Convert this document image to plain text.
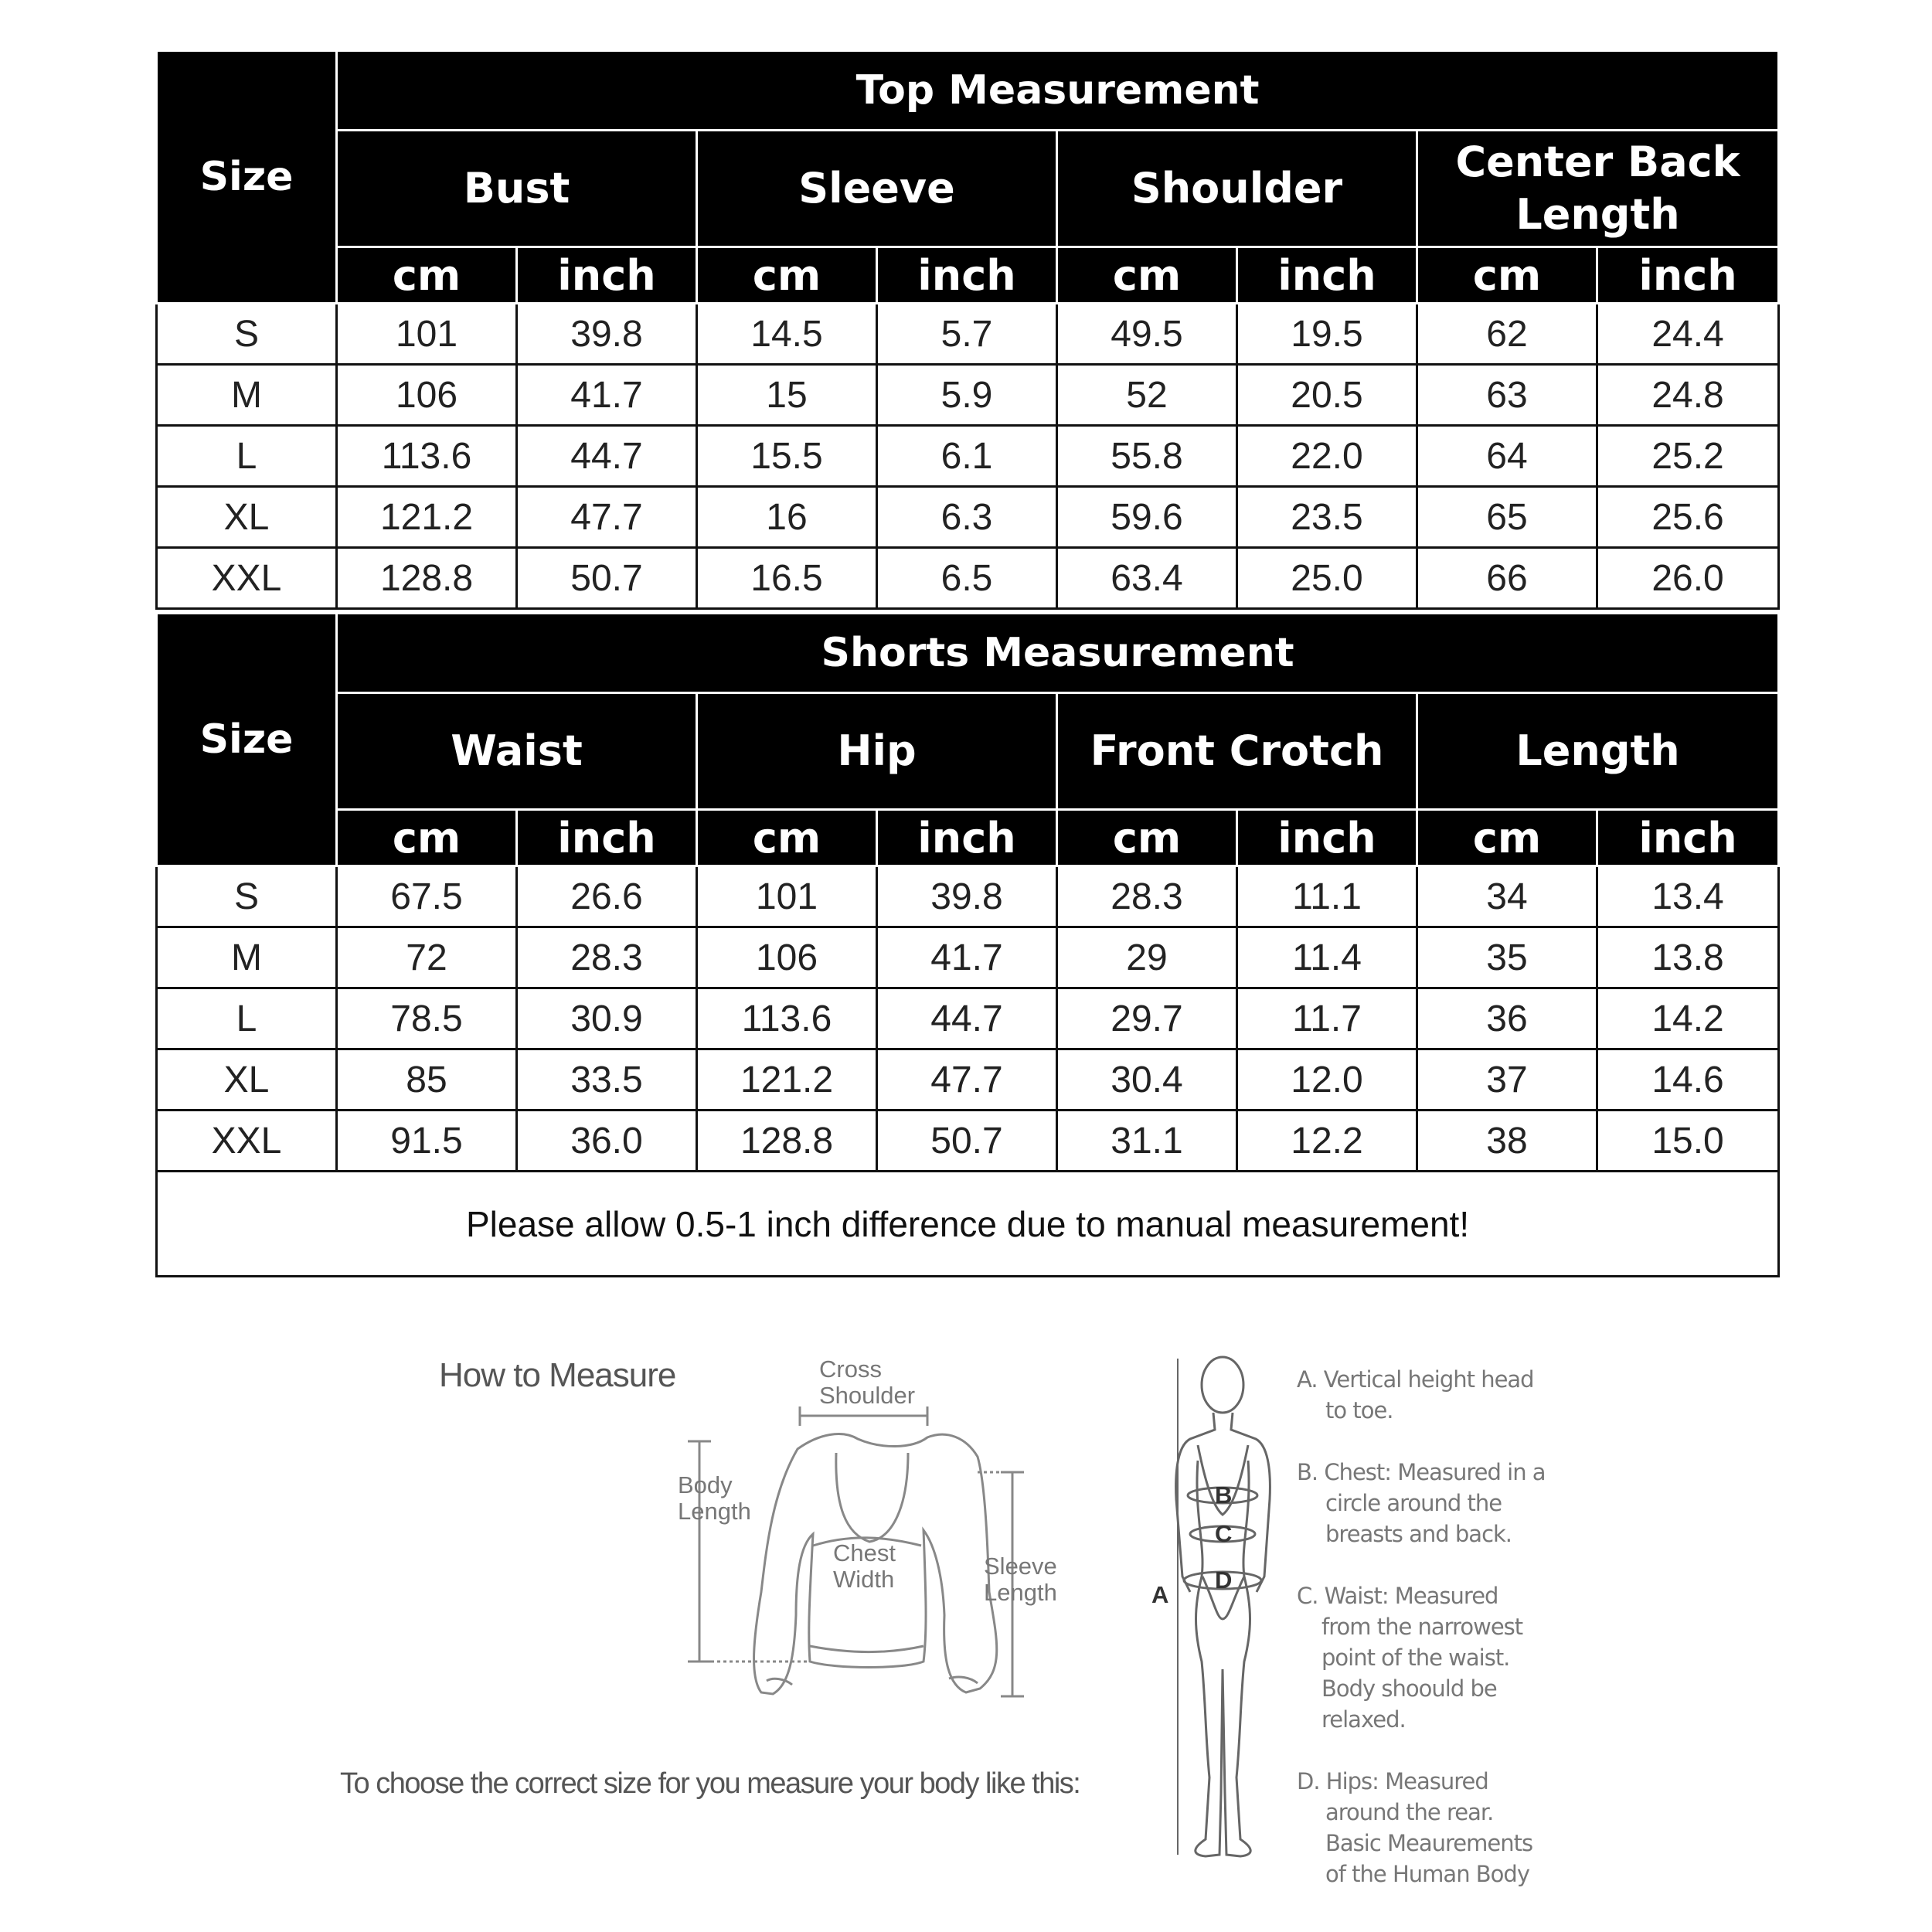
Size	Top Measurement							
	Bust		Sleeve		Shoulder		Center Back Length	
	cm	inch	cm	inch	cm	inch	cm	inch
S	101	39.8	14.5	5.7	49.5	19.5	62	24.4
M	106	41.7	15	5.9	52	20.5	63	24.8
L	113.6	44.7	15.5	6.1	55.8	22.0	64	25.2
XL	121.2	47.7	16	6.3	59.6	23.5	65	25.6
XXL	128.8	50.7	16.5	6.5	63.4	25.0	66	26.0
Size	Shorts Measurement							
	Waist		Hip		Front Crotch		Length	
	cm	inch	cm	inch	cm	inch	cm	inch
S	67.5	26.6	101	39.8	28.3	11.1	34	13.4
M	72	28.3	106	41.7	29	11.4	35	13.8
L	78.5	30.9	113.6	44.7	29.7	11.7	36	14.2
XL	85	33.5	121.2	47.7	30.4	12.0	37	14.6
XXL	91.5	36.0	128.8	50.7	31.1	12.2	38	15.0
Please allow 0.5-1 inch difference due to manual measurement!								
How to Measure
To choose the correct size for you measure your body like this:
Cross
Shoulder
Body
Length
Chest
Width	Sleeve
Length	A
B
C
D
A. Vertical height head
to toe.
B. Chest: Measured in a
circle around the
breasts and back.
C. Waist: Measured
from the narrowest
point of the waist.
Body shoould be
relaxed.
D. Hips: Measured
around the rear.
Basic Meaurements
of the Human Body
